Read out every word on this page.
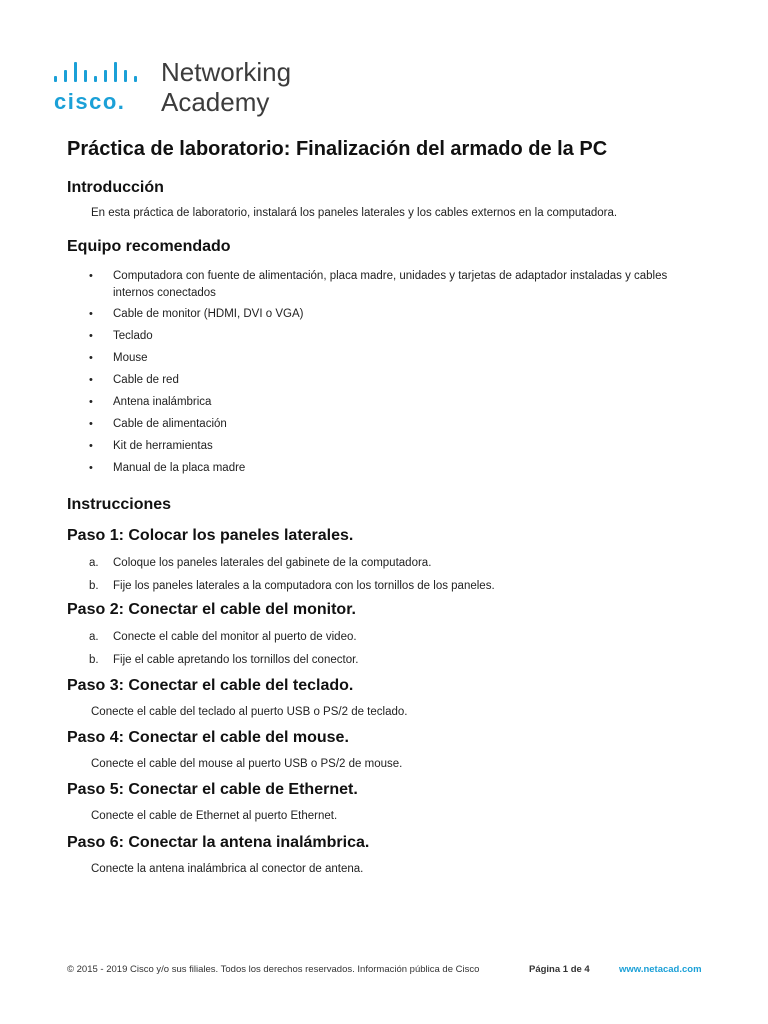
cisco.
Networking
Academy
Práctica de laboratorio: Finalización del armado de la PC
Introducción

En esta práctica de laboratorio, instalará los paneles laterales y los cables externos en la computadora.

Equipo recomendado
• Computadora con fuente de alimentación, placa madre, unidades y tarjetas de adaptador instaladas y cables internos conectados
• Cable de monitor (HDMI, DVI o VGA)
• Teclado
• Mouse
• Cable de red
• Antena inalámbrica
• Cable de alimentación
• Kit de herramientas
• Manual de la placa madre
Instrucciones
Paso 1: Colocar los paneles laterales.
a. Coloque los paneles laterales del gabinete de la computadora.
b. Fije los paneles laterales a la computadora con los tornillos de los paneles.
Paso 2: Conectar el cable del monitor.
a. Conecte el cable del monitor al puerto de video.
b. Fije el cable apretando los tornillos del conector.
Paso 3: Conectar el cable del teclado.

Conecte el cable del teclado al puerto USB o PS/2 de teclado.

Paso 4: Conectar el cable del mouse.

Conecte el cable del mouse al puerto USB o PS/2 de mouse.

Paso 5: Conectar el cable de Ethernet.

Conecte el cable de Ethernet al puerto Ethernet.

Paso 6: Conectar la antena inalámbrica.

Conecte la antena inalámbrica al conector de antena.

© 2015 - 2019 Cisco y/o sus filiales. Todos los derechos reservados. Información pública de Cisco	Página 1 de 4	www.netacad.com
